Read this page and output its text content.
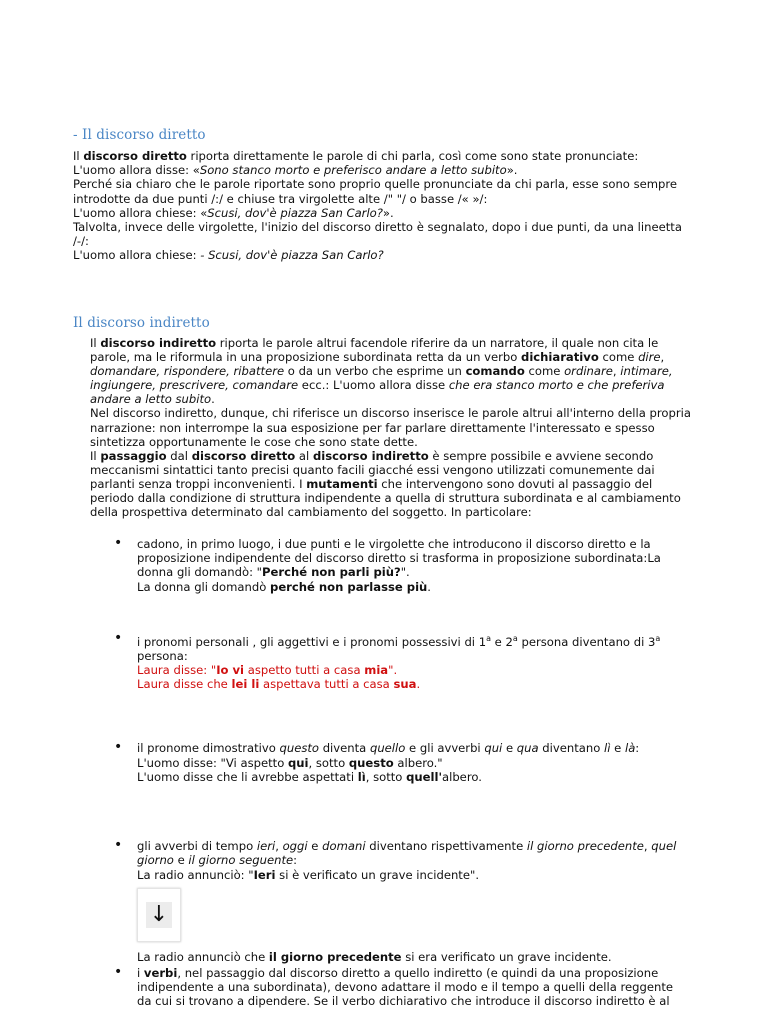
- Il discorso diretto

Il discorso diretto riporta direttamente le parole di chi parla, così come sono state pronunciate:

L'uomo allora disse: «Sono stanco morto e preferisco andare a letto subito».

Perché sia chiaro che le parole riportate sono proprio quelle pronunciate da chi parla, esse sono sempre introdotte da due punti /:/ e chiuse tra virgolette alte /" "/ o basse /« »/:

L'uomo allora chiese: «Scusi, dov'è piazza San Carlo?».

Talvolta, invece delle virgolette, l'inizio del discorso diretto è segnalato, dopo i due punti, da una lineetta /-/:

L'uomo allora chiese: - Scusi, dov'è piazza San Carlo?

Il discorso indiretto

Il discorso indiretto riporta le parole altrui facendole riferire da un narratore, il quale non cita le parole, ma le riformula in una proposizione subordinata retta da un verbo dichiarativo come dire, domandare, rispondere, ribattere o da un verbo che esprime un comando come ordinare, intimare, ingiungere, prescrivere, comandare ecc.: L'uomo allora disse che era stanco morto e che preferiva andare a letto subito.

Nel discorso indiretto, dunque, chi riferisce un discorso inserisce le parole altrui all'interno della propria narrazione: non interrompe la sua esposizione per far parlare direttamente l'interessato e spesso sintetizza opportunamente le cose che sono state dette.

Il passaggio dal discorso diretto al discorso indiretto è sempre possibile e avviene secondo meccanismi sintattici tanto precisi quanto facili giacché essi vengono utilizzati comunemente dai parlanti senza troppi inconvenienti. I mutamenti che intervengono sono dovuti al passaggio del periodo dalla condizione di struttura indipendente a quella di struttura subordinata e al cambiamento della prospettiva determinato dal cambiamento del soggetto. In particolare:

• cadono, in primo luogo, i due punti e le virgolette che introducono il discorso diretto e la proposizione indipendente del discorso diretto si trasforma in proposizione subordinata:La donna gli domandò: "Perché non parli più?".
La donna gli domandò perché non parlasse più.
• i pronomi personali , gli aggettivi e i pronomi possessivi di 1$^a$ e 2$^a$ persona diventano di 3$^a$ persona:
Laura disse: "Io vi aspetto tutti a casa mia".
Laura disse che lei li aspettava tutti a casa sua.
• il pronome dimostrativo questo diventa quello e gli avverbi qui e qua diventano lì e là:
L'uomo disse: "Vi aspetto qui, sotto questo albero."
L'uomo disse che li avrebbe aspettati lì, sotto quell'albero.
• gli avverbi di tempo ieri, oggi e domani diventano rispettivamente il giorno precedente, quel giorno e il giorno seguente:
La radio annunciò: "Ieri si è verificato un grave incidente".
↓
La radio annunciò che il giorno precedente si era verificato un grave incidente.
• i verbi, nel passaggio dal discorso diretto a quello indiretto (e quindi da una proposizione indipendente a una subordinata), devono adattare il modo e il tempo a quelli della reggente da cui si trovano a dipendere. Se il verbo dichiarativo che introduce il discorso indiretto è al
